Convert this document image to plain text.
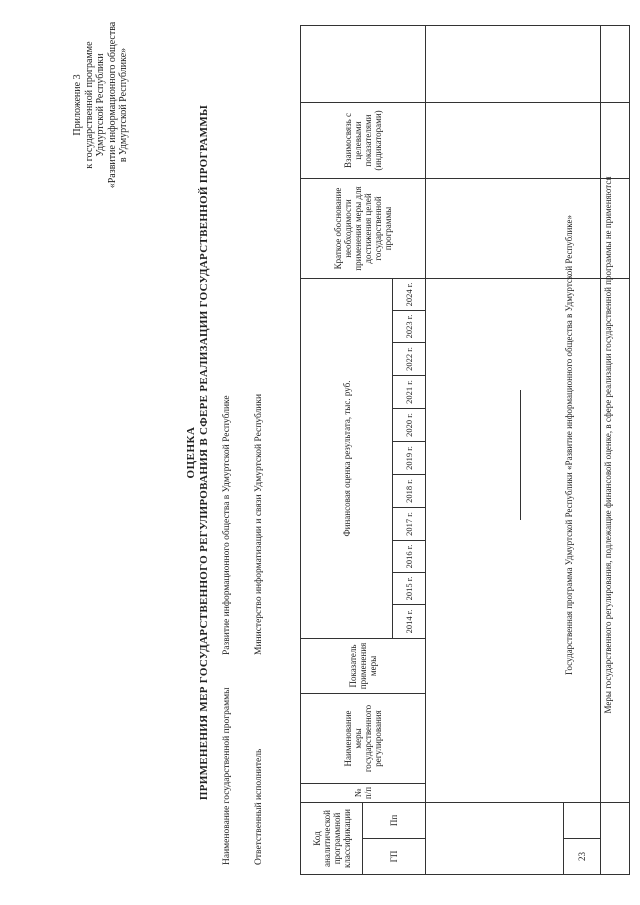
Приложение 3 к государственной программе Удмуртской Республики «Развитие информационного общества в Удмуртской Республике»
ОЦЕНКА ПРИМЕНЕНИЯ МЕР ГОСУДАРСТВЕННОГО РЕГУЛИРОВАНИЯ В СФЕРЕ РЕАЛИЗАЦИИ ГОСУДАРСТВЕННОЙ ПРОГРАММЫ Наименование государственной программы
Развитие информационного общества в Удмуртской Республике
Ответственный исполнитель
Министерство информатизации и связи Удмуртской Республики
Код аналитической программной классификации	ГП
Пп
№ п/п
Наименование меры государственного регулирования
Показатель применения меры
Финансовая оценка результата, тыс. руб.
2014 г.
2015 г.
2016 г.
2017 г.
2018 г.
2019 г.
2020 г.
2021 г.
2022 г.
2023 г.
2024 г.
Краткое обоснование необходимости применения меры для достижения целей государственной программы
Взаимосвязь с целевыми показателями (индикаторами)
23
Государственная программа Удмуртской Республики «Развитие информационного общества в Удмуртской Республике»	Меры государственного регулирования, подлежащие финансовой оценке, в сфере реализации государственной программы не применяются
